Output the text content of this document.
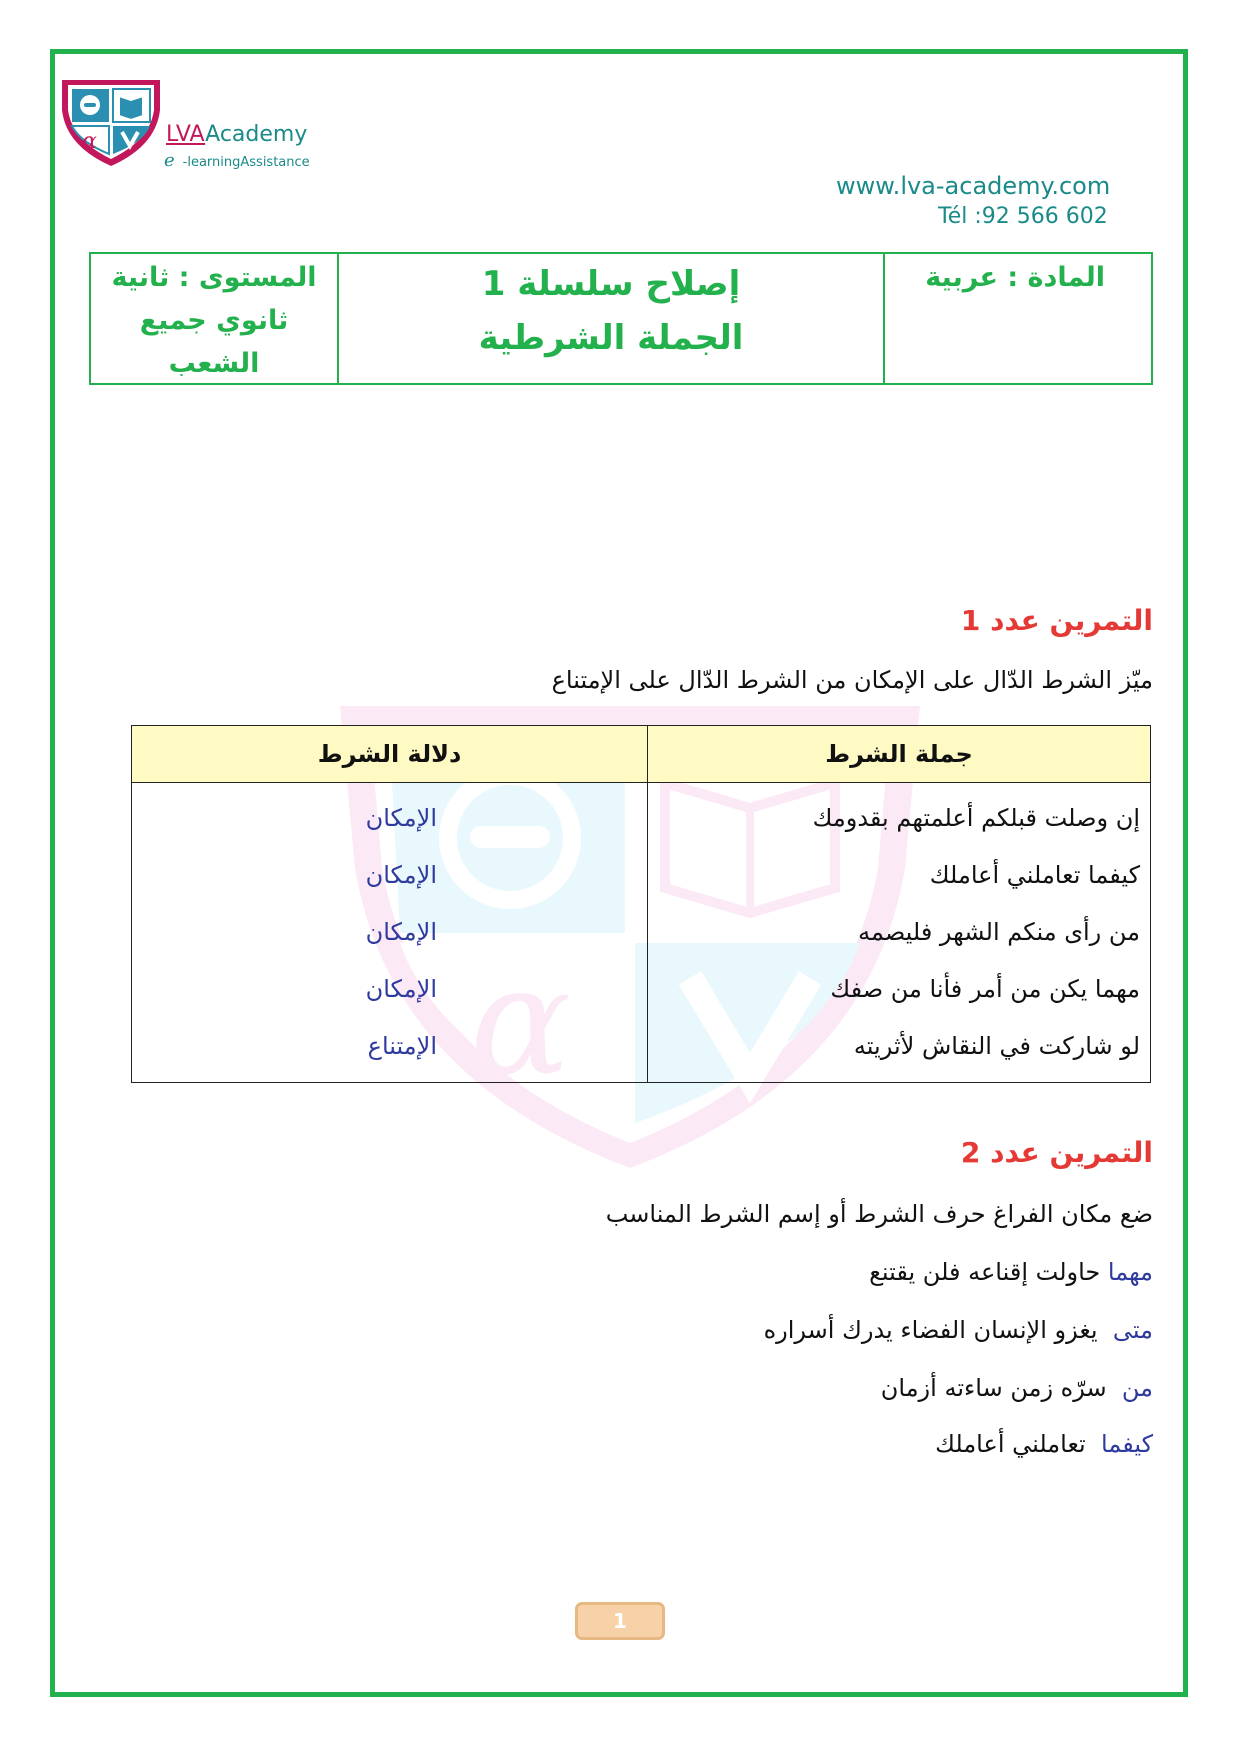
α	LVAAcademy
e -learningAssistance
www.lva-academy.com
Tél :92 566 602
المستوى : ثانية
ثانوي جميع
الشعب
إصلاح سلسلة 1
الجملة الشرطية
المادة : عربية
α
التمرين عدد 1
ميّز الشرط الدّال على الإمكان من الشرط الدّال على الإمتناع
جملة الشرط	دلالة الشرط
إن وصلت قبلكم أعلمتهم بقدومك	الإمكان
كيفما تعاملني أعاملك	الإمكان
من رأى منكم الشهر فليصمه	الإمكان
مهما يكن من أمر فأنا من صفك	الإمكان
لو شاركت في النقاش لأثريته	الإمتناع
التمرين عدد 2
ضع مكان الفراغ حرف الشرط أو إسم الشرط المناسب
مهما حاولت إقناعه فلن يقتنع
متى  يغزو الإنسان الفضاء يدرك أسراره
من  سرّه زمن ساءته أزمان
كيفما  تعاملني أعاملك
1
